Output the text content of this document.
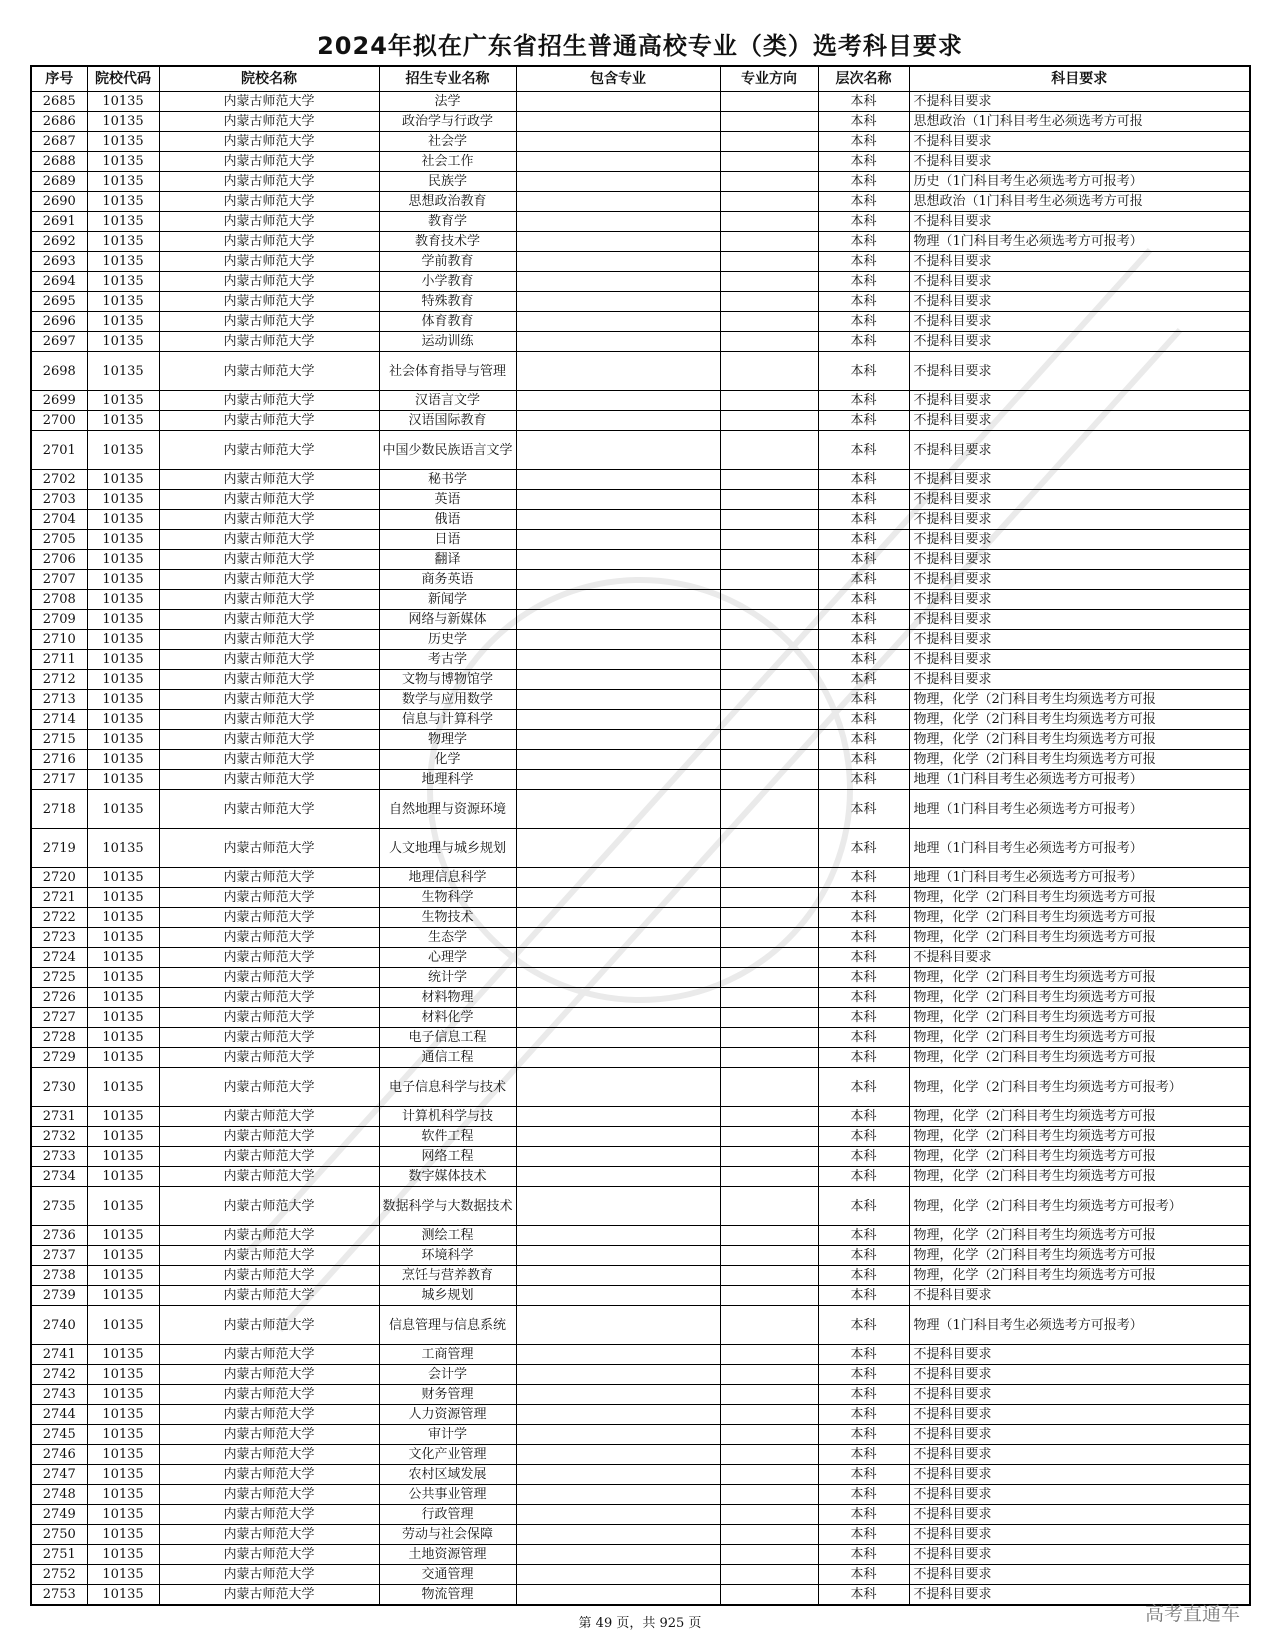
2024年拟在广东省招生普通高校专业（类）选考科目要求
序号	院校代码	院校名称	招生专业名称	包含专业	专业方向	层次名称	科目要求
2685	10135	内蒙古师范大学	法学			本科	不提科目要求
2686	10135	内蒙古师范大学	政治学与行政学			本科	思想政治（1门科目考生必须选考方可报
2687	10135	内蒙古师范大学	社会学			本科	不提科目要求
2688	10135	内蒙古师范大学	社会工作			本科	不提科目要求
2689	10135	内蒙古师范大学	民族学			本科	历史（1门科目考生必须选考方可报考）
2690	10135	内蒙古师范大学	思想政治教育			本科	思想政治（1门科目考生必须选考方可报
2691	10135	内蒙古师范大学	教育学			本科	不提科目要求
2692	10135	内蒙古师范大学	教育技术学			本科	物理（1门科目考生必须选考方可报考）
2693	10135	内蒙古师范大学	学前教育			本科	不提科目要求
2694	10135	内蒙古师范大学	小学教育			本科	不提科目要求
2695	10135	内蒙古师范大学	特殊教育			本科	不提科目要求
2696	10135	内蒙古师范大学	体育教育			本科	不提科目要求
2697	10135	内蒙古师范大学	运动训练			本科	不提科目要求
2698	10135	内蒙古师范大学	社会体育指导与管理			本科	不提科目要求
2699	10135	内蒙古师范大学	汉语言文学			本科	不提科目要求
2700	10135	内蒙古师范大学	汉语国际教育			本科	不提科目要求
2701	10135	内蒙古师范大学	中国少数民族语言文学			本科	不提科目要求
2702	10135	内蒙古师范大学	秘书学			本科	不提科目要求
2703	10135	内蒙古师范大学	英语			本科	不提科目要求
2704	10135	内蒙古师范大学	俄语			本科	不提科目要求
2705	10135	内蒙古师范大学	日语			本科	不提科目要求
2706	10135	内蒙古师范大学	翻译			本科	不提科目要求
2707	10135	内蒙古师范大学	商务英语			本科	不提科目要求
2708	10135	内蒙古师范大学	新闻学			本科	不提科目要求
2709	10135	内蒙古师范大学	网络与新媒体			本科	不提科目要求
2710	10135	内蒙古师范大学	历史学			本科	不提科目要求
2711	10135	内蒙古师范大学	考古学			本科	不提科目要求
2712	10135	内蒙古师范大学	文物与博物馆学			本科	不提科目要求
2713	10135	内蒙古师范大学	数学与应用数学			本科	物理，化学（2门科目考生均须选考方可报
2714	10135	内蒙古师范大学	信息与计算科学			本科	物理，化学（2门科目考生均须选考方可报
2715	10135	内蒙古师范大学	物理学			本科	物理，化学（2门科目考生均须选考方可报
2716	10135	内蒙古师范大学	化学			本科	物理，化学（2门科目考生均须选考方可报
2717	10135	内蒙古师范大学	地理科学			本科	地理（1门科目考生必须选考方可报考）
2718	10135	内蒙古师范大学	自然地理与资源环境			本科	地理（1门科目考生必须选考方可报考）
2719	10135	内蒙古师范大学	人文地理与城乡规划			本科	地理（1门科目考生必须选考方可报考）
2720	10135	内蒙古师范大学	地理信息科学			本科	地理（1门科目考生必须选考方可报考）
2721	10135	内蒙古师范大学	生物科学			本科	物理，化学（2门科目考生均须选考方可报
2722	10135	内蒙古师范大学	生物技术			本科	物理，化学（2门科目考生均须选考方可报
2723	10135	内蒙古师范大学	生态学			本科	物理，化学（2门科目考生均须选考方可报
2724	10135	内蒙古师范大学	心理学			本科	不提科目要求
2725	10135	内蒙古师范大学	统计学			本科	物理，化学（2门科目考生均须选考方可报
2726	10135	内蒙古师范大学	材料物理			本科	物理，化学（2门科目考生均须选考方可报
2727	10135	内蒙古师范大学	材料化学			本科	物理，化学（2门科目考生均须选考方可报
2728	10135	内蒙古师范大学	电子信息工程			本科	物理，化学（2门科目考生均须选考方可报
2729	10135	内蒙古师范大学	通信工程			本科	物理，化学（2门科目考生均须选考方可报
2730	10135	内蒙古师范大学	电子信息科学与技术			本科	物理，化学（2门科目考生均须选考方可报考）
2731	10135	内蒙古师范大学	计算机科学与技			本科	物理，化学（2门科目考生均须选考方可报
2732	10135	内蒙古师范大学	软件工程			本科	物理，化学（2门科目考生均须选考方可报
2733	10135	内蒙古师范大学	网络工程			本科	物理，化学（2门科目考生均须选考方可报
2734	10135	内蒙古师范大学	数字媒体技术			本科	物理，化学（2门科目考生均须选考方可报
2735	10135	内蒙古师范大学	数据科学与大数据技术			本科	物理，化学（2门科目考生均须选考方可报考）
2736	10135	内蒙古师范大学	测绘工程			本科	物理，化学（2门科目考生均须选考方可报
2737	10135	内蒙古师范大学	环境科学			本科	物理，化学（2门科目考生均须选考方可报
2738	10135	内蒙古师范大学	烹饪与营养教育			本科	物理，化学（2门科目考生均须选考方可报
2739	10135	内蒙古师范大学	城乡规划			本科	不提科目要求
2740	10135	内蒙古师范大学	信息管理与信息系统			本科	物理（1门科目考生必须选考方可报考）
2741	10135	内蒙古师范大学	工商管理			本科	不提科目要求
2742	10135	内蒙古师范大学	会计学			本科	不提科目要求
2743	10135	内蒙古师范大学	财务管理			本科	不提科目要求
2744	10135	内蒙古师范大学	人力资源管理			本科	不提科目要求
2745	10135	内蒙古师范大学	审计学			本科	不提科目要求
2746	10135	内蒙古师范大学	文化产业管理			本科	不提科目要求
2747	10135	内蒙古师范大学	农村区域发展			本科	不提科目要求
2748	10135	内蒙古师范大学	公共事业管理			本科	不提科目要求
2749	10135	内蒙古师范大学	行政管理			本科	不提科目要求
2750	10135	内蒙古师范大学	劳动与社会保障			本科	不提科目要求
2751	10135	内蒙古师范大学	土地资源管理			本科	不提科目要求
2752	10135	内蒙古师范大学	交通管理			本科	不提科目要求
2753	10135	内蒙古师范大学	物流管理			本科	不提科目要求
第 49 页，共 925 页	高考直通车
